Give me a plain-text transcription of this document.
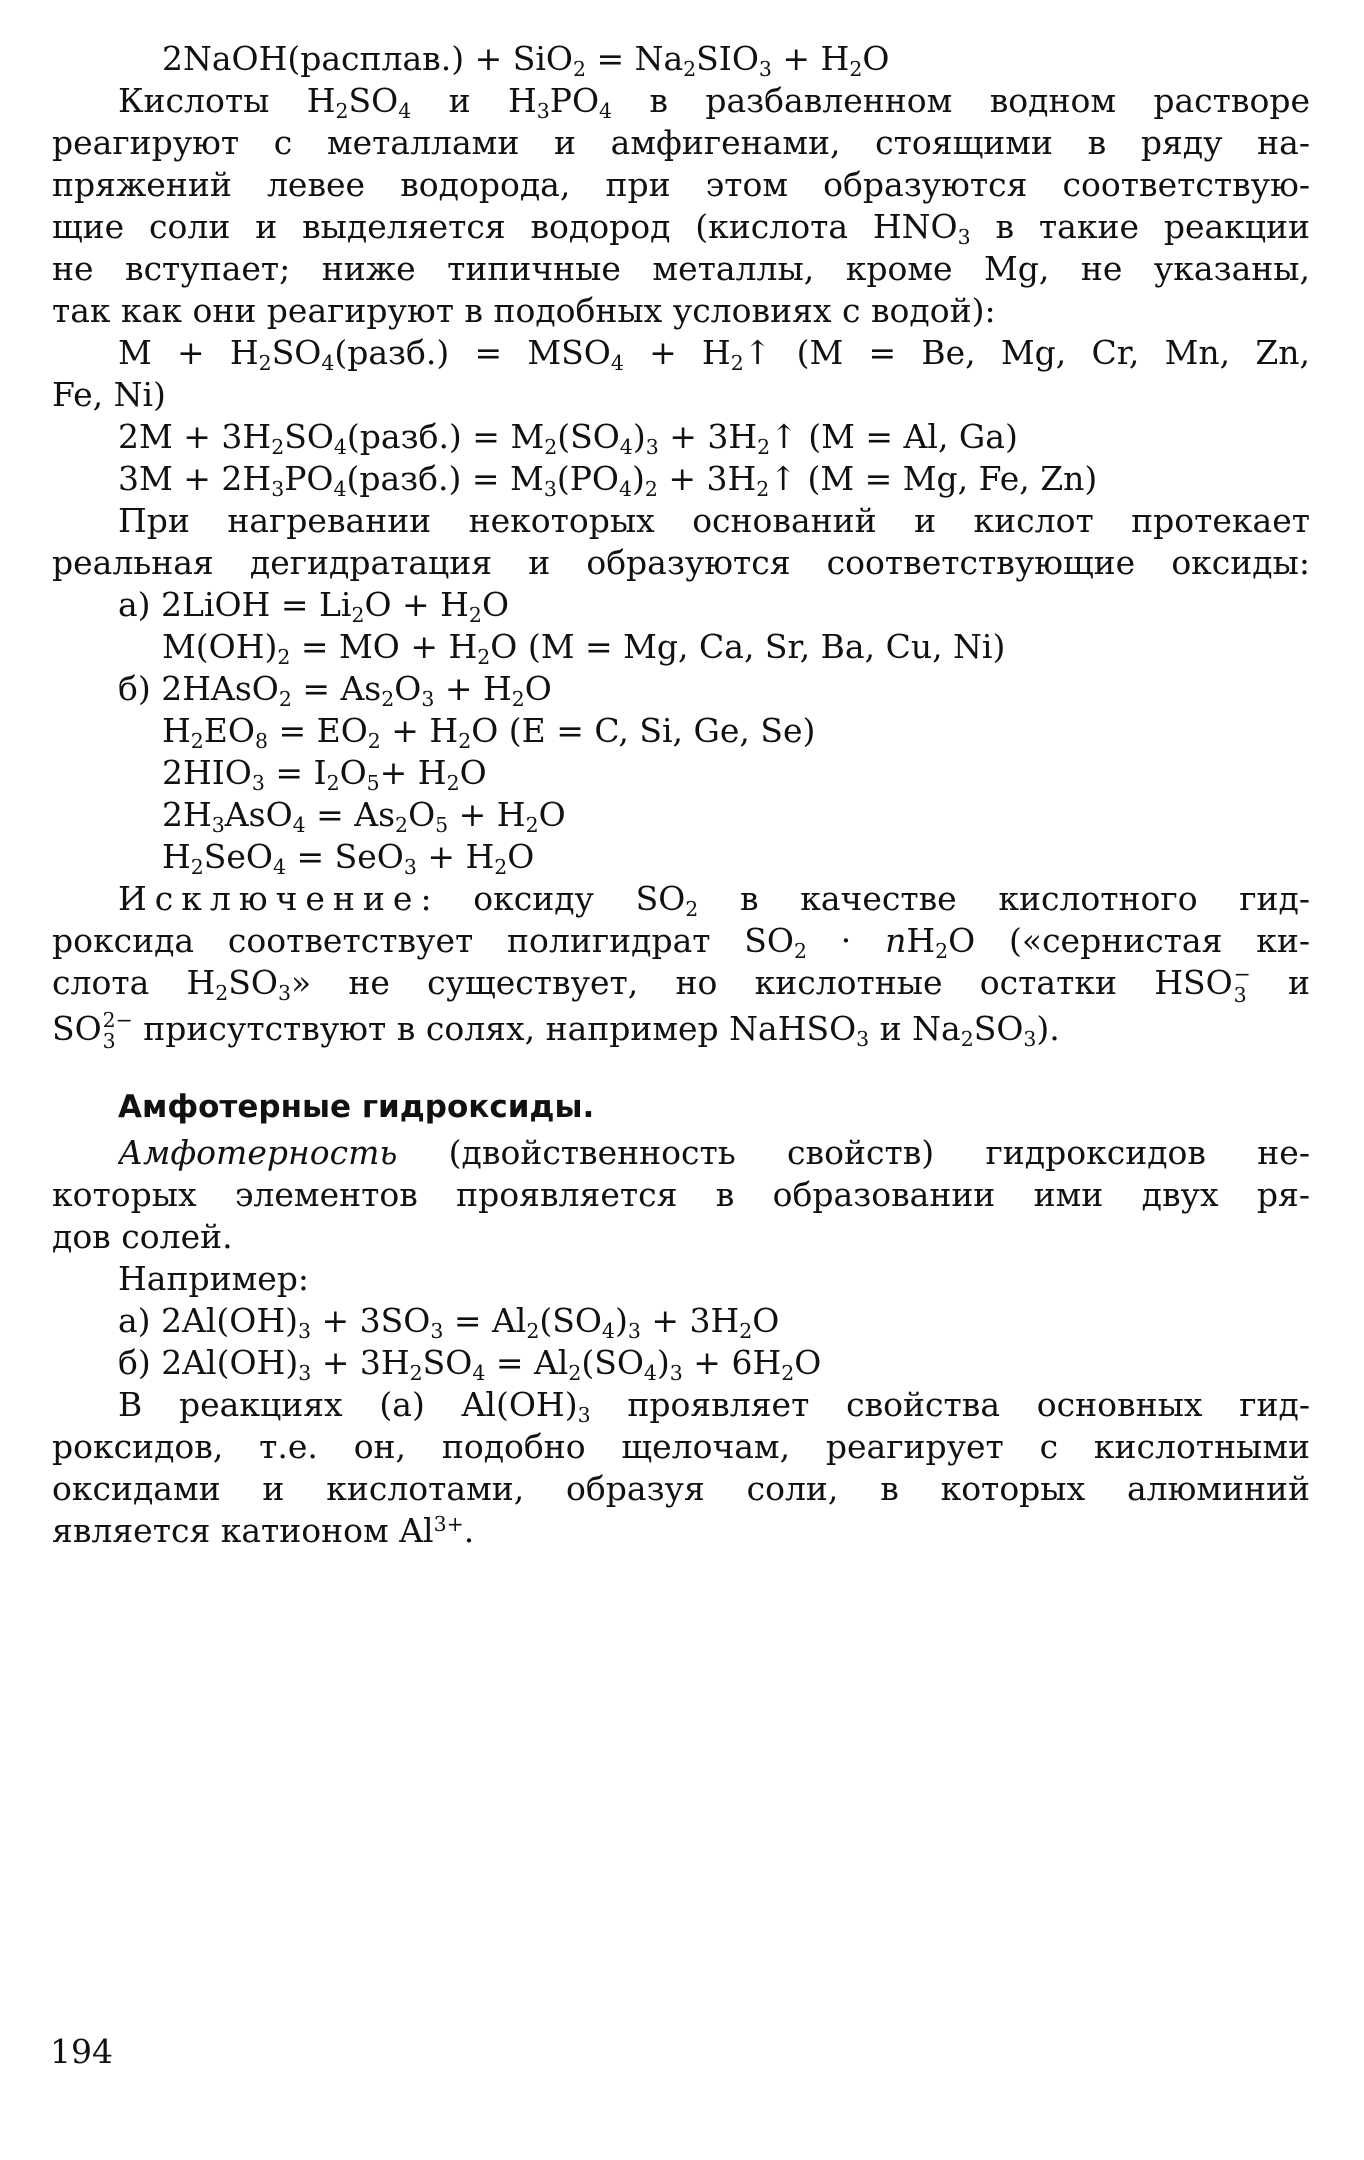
2NaOH(расплав.) + $SiO_2 = Na_2SIO_3 + H_2O$
Кислоты $H_2SO_4$ и $H_3PO_4$ в разбавленном водном растворе
реагируют с металлами и амфигенами, стоящими в ряду на-
пряжений левее водорода, при этом образуются соответствую-
щие соли и выделяется водород (кислота $HNO_3$ в такие реакции
не вступает; ниже типичные металлы, кроме Mg, не указаны,
так как они реагируют в подобных условиях с водой):
$M + H_2SO_4(разб.) = MSO_4$ + $H_2↑$ (M = Be, Mg, Cr, Mn, Zn,
Fe, Ni)
$2M + 3H_2SO_4(разб.) = M_2(SO_4)_3$ + $3H_2↑$ (M = Al, Ga)
$3M + 2H_3PO_4(разб.) = M_3(PO_4)_2$ + $3H_2↑$ (M = Mg, Fe, Zn)
При нагревании некоторых оснований и кислот протекает
реальная дегидратация и образуются соответствующие оксиды:
а) 2LiOH = $Li_2O + H_2O$
$M(OH)_2$ = MO + $H_2O$ (M = Mg, Ca, Sr, Ba, Cu, Ni)
б) 2HAsO$_2$ = $As_2O_3 + H_2O$
$H_2EO_8 = EO_2 + H_2O$ (E = C, Si, Ge, Se)
$2HIO_3 = I_2O_5+ H_2O$
$2H_3AsO_4 = As_2O_5 + H_2O$
$H_2SeO_4 = SeO_3 + H_2O$
Исключение: оксиду $SO_2$ в качестве кислотного гид-
роксида соответствует полигидрат $SO_2 \cdot nH_2O$ («сернистая ки-
слота $H_2SO_3$» не существует, но кислотные остатки HSO −
3 и
SO 2−
3 присутствуют в солях, например NaHSO$_3$ и $Na_2SO_3$).
Амфотерные гидроксиды.
Амфотерность (двойственность свойств) гидроксидов не-
которых элементов проявляется в образовании ими двух ря-
дов солей.
Например:
а) $2Al(OH)_3 + 3SO_3 = Al_2(SO_4)_3 + 3H_2O$
б) $2Al(OH)_3 + 3H_2SO_4 = Al_2(SO_4)_3 + 6H_2O$
В реакциях (а) $Al(OH)_3$ проявляет свойства основных гид-
роксидов, т.е. он, подобно щелочам, реагирует с кислотными
оксидами и кислотами, образуя соли, в которых алюминий
является катионом $Al^{3+}$.
194
